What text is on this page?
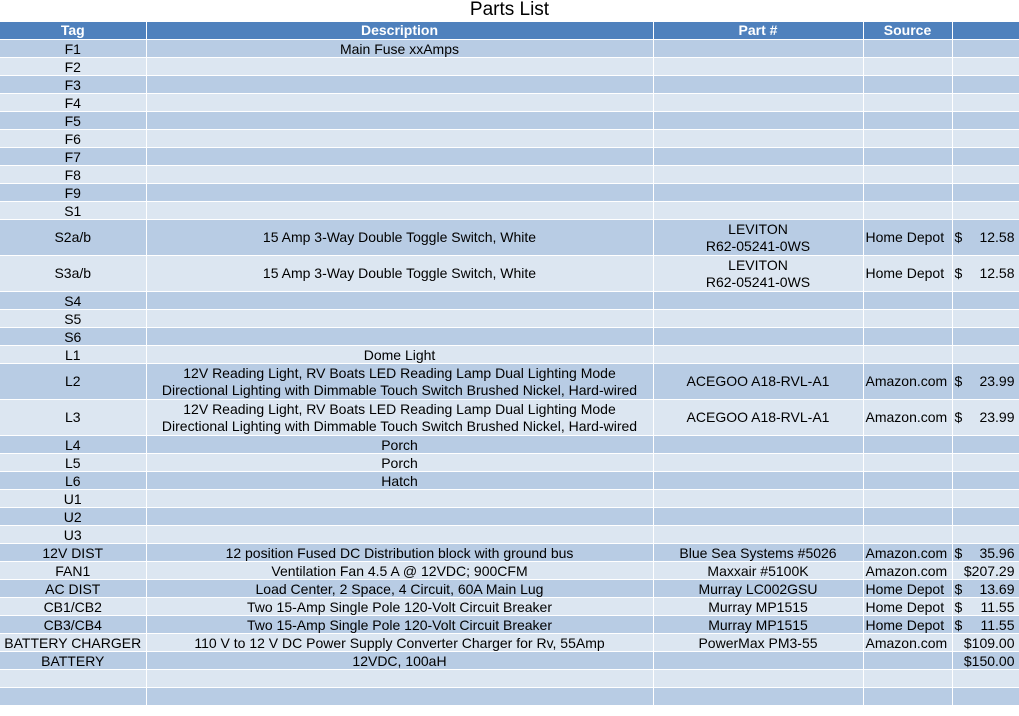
Parts List
Tag	Description	Part #	Source	
F1	Main Fuse xxAmps			

F2				
F3				
F4				
F5				
F6				
F7				
F8				
F9				
S1				
S2a/b	15 Amp 3-Way Double Toggle Switch, White	LEVITON
R62-05241-0WS	Home Depot	$ 12.58

S3a/b	15 Amp 3-Way Double Toggle Switch, White	LEVITON
R62-05241-0WS	Home Depot	$ 12.58

S4				
S5				
S6				
L1	Dome Light			

L2	12V Reading Light, RV Boats LED Reading Lamp Dual Lighting Mode
Directional Lighting with Dimmable Touch Switch Brushed Nickel, Hard-wired	ACEGOO A18-RVL-A1	Amazon.com	$ 23.99

L3	12V Reading Light, RV Boats LED Reading Lamp Dual Lighting Mode
Directional Lighting with Dimmable Touch Switch Brushed Nickel, Hard-wired	ACEGOO A18-RVL-A1	Amazon.com	$ 23.99

L4	Porch			

L5	Porch			

L6	Hatch			

U1				
U2				
U3				
12V DIST	12 position Fused DC Distribution block with ground bus	Blue Sea Systems #5026	Amazon.com	$ 35.96

FAN1	Ventilation Fan 4.5 A @ 12VDC; 900CFM	Maxxair #5100K	Amazon.com	$207.29

AC DIST	Load Center, 2 Space, 4 Circuit, 60A Main Lug	Murray LC002GSU	Home Depot	$ 13.69

CB1/CB2	Two 15-Amp Single Pole 120-Volt Circuit Breaker	Murray MP1515	Home Depot	$ 11.55

CB3/CB4	Two 15-Amp Single Pole 120-Volt Circuit Breaker	Murray MP1515	Home Depot	$ 11.55

BATTERY CHARGER	110 V to 12 V DC Power Supply Converter Charger for Rv, 55Amp	PowerMax PM3-55	Amazon.com	$109.00

BATTERY	12VDC, 100aH			$150.00
